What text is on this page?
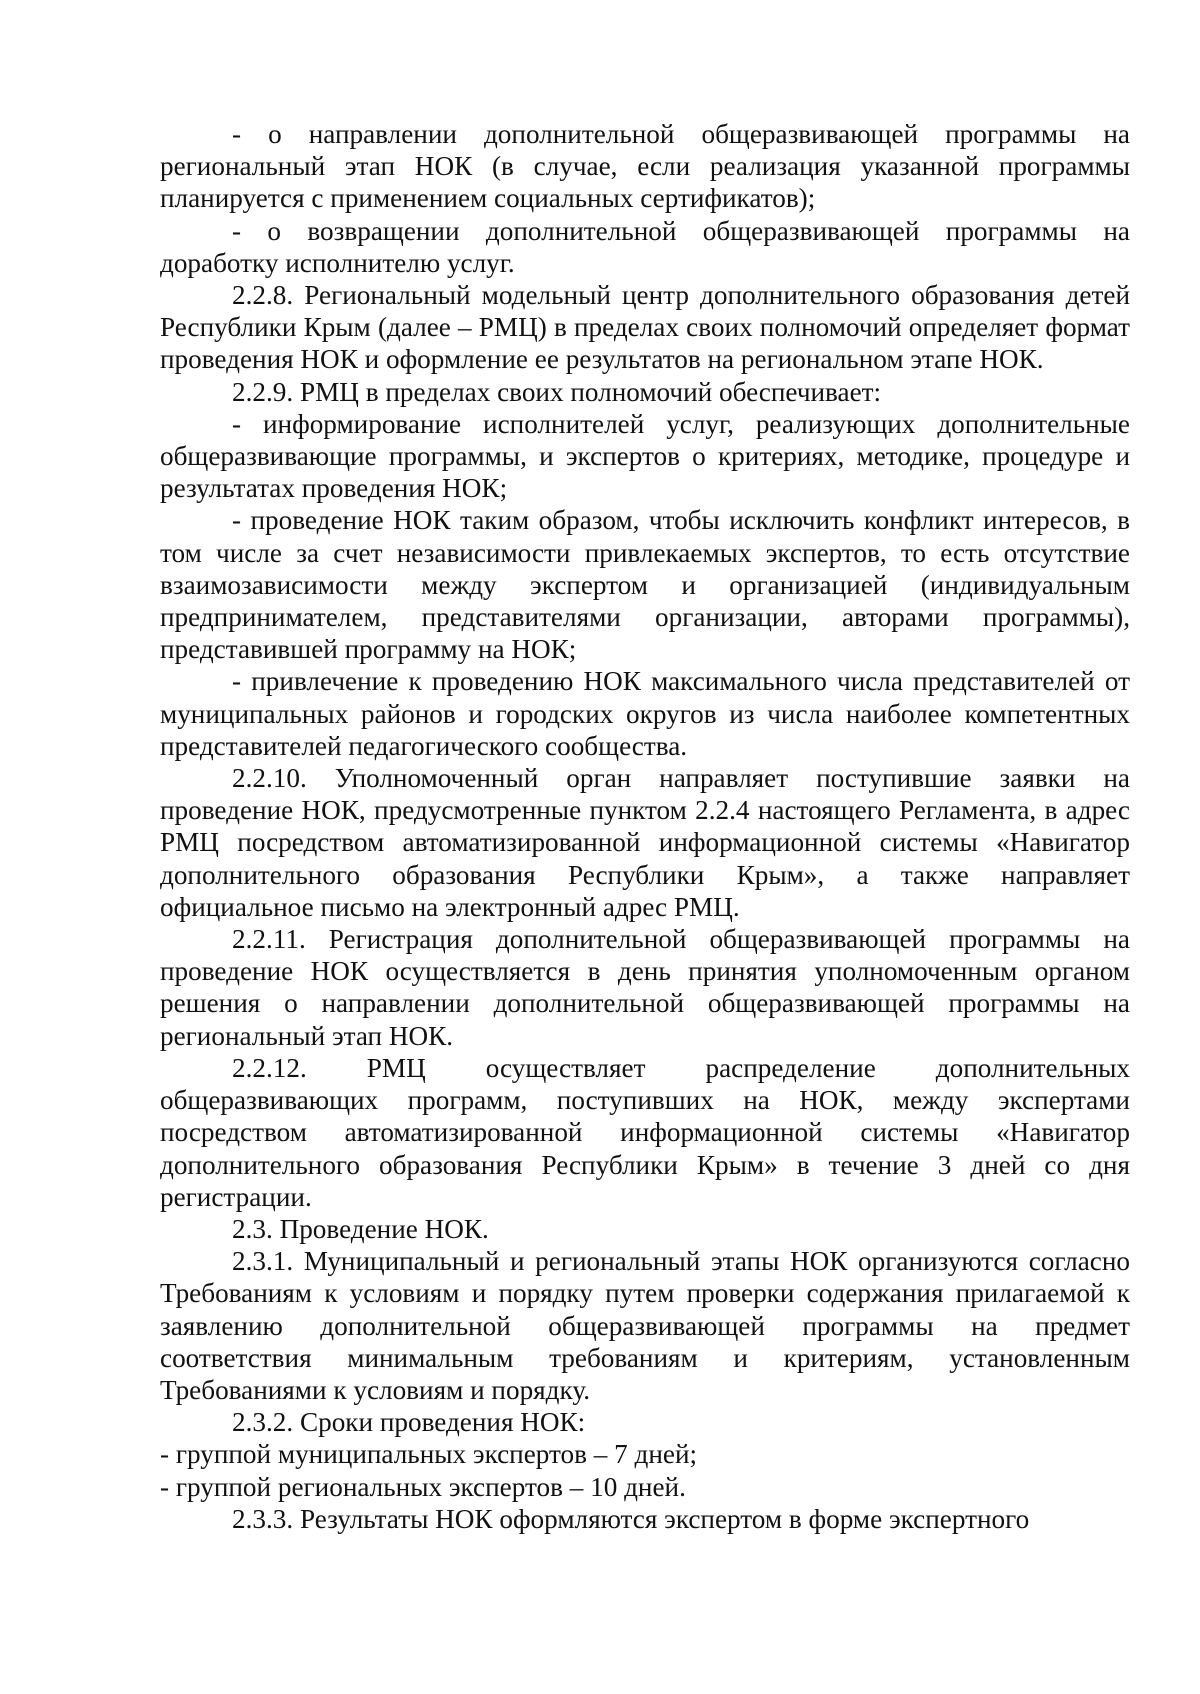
- о направлении дополнительной общеразвивающей программы на региональный этап НОК (в случае, если реализация указанной программы планируется с применением социальных сертификатов);

- о возвращении дополнительной общеразвивающей программы на доработку исполнителю услуг.

2.2.8. Региональный модельный центр дополнительного образования детей Республики Крым (далее – РМЦ) в пределах своих полномочий определяет формат проведения НОК и оформление ее результатов на региональном этапе НОК.

2.2.9. РМЦ в пределах своих полномочий обеспечивает:

- информирование исполнителей услуг, реализующих дополнительные общеразвивающие программы, и экспертов о критериях, методике, процедуре и результатах проведения НОК;

- проведение НОК таким образом, чтобы исключить конфликт интересов, в том числе за счет независимости привлекаемых экспертов, то есть отсутствие взаимозависимости между экспертом и организацией (индивидуальным предпринимателем, представителями организации, авторами программы), представившей программу на НОК;

- привлечение к проведению НОК максимального числа представителей от муниципальных районов и городских округов из числа наиболее компетентных представителей педагогического сообщества.

2.2.10. Уполномоченный орган направляет поступившие заявки на проведение НОК, предусмотренные пунктом 2.2.4 настоящего Регламента, в адрес РМЦ посредством автоматизированной информационной системы «Навигатор дополнительного образования Республики Крым», а также направляет официальное письмо на электронный адрес РМЦ.

2.2.11. Регистрация дополнительной общеразвивающей программы на проведение НОК осуществляется в день принятия уполномоченным органом решения о направлении дополнительной общеразвивающей программы на региональный этап НОК.

2.2.12. РМЦ осуществляет распределение дополнительных общеразвивающих программ, поступивших на НОК, между экспертами посредством автоматизированной информационной системы «Навигатор дополнительного образования Республики Крым» в течение 3 дней со дня регистрации.

2.3. Проведение НОК.

2.3.1. Муниципальный и региональный этапы НОК организуются согласно Требованиям к условиям и порядку путем проверки содержания прилагаемой к заявлению дополнительной общеразвивающей программы на предмет соответствия минимальным требованиям и критериям, установленным Требованиями к условиям и порядку.

2.3.2. Сроки проведения НОК:

- группой муниципальных экспертов – 7 дней;

- группой региональных экспертов – 10 дней.

2.3.3. Результаты НОК оформляются экспертом в форме экспертного
